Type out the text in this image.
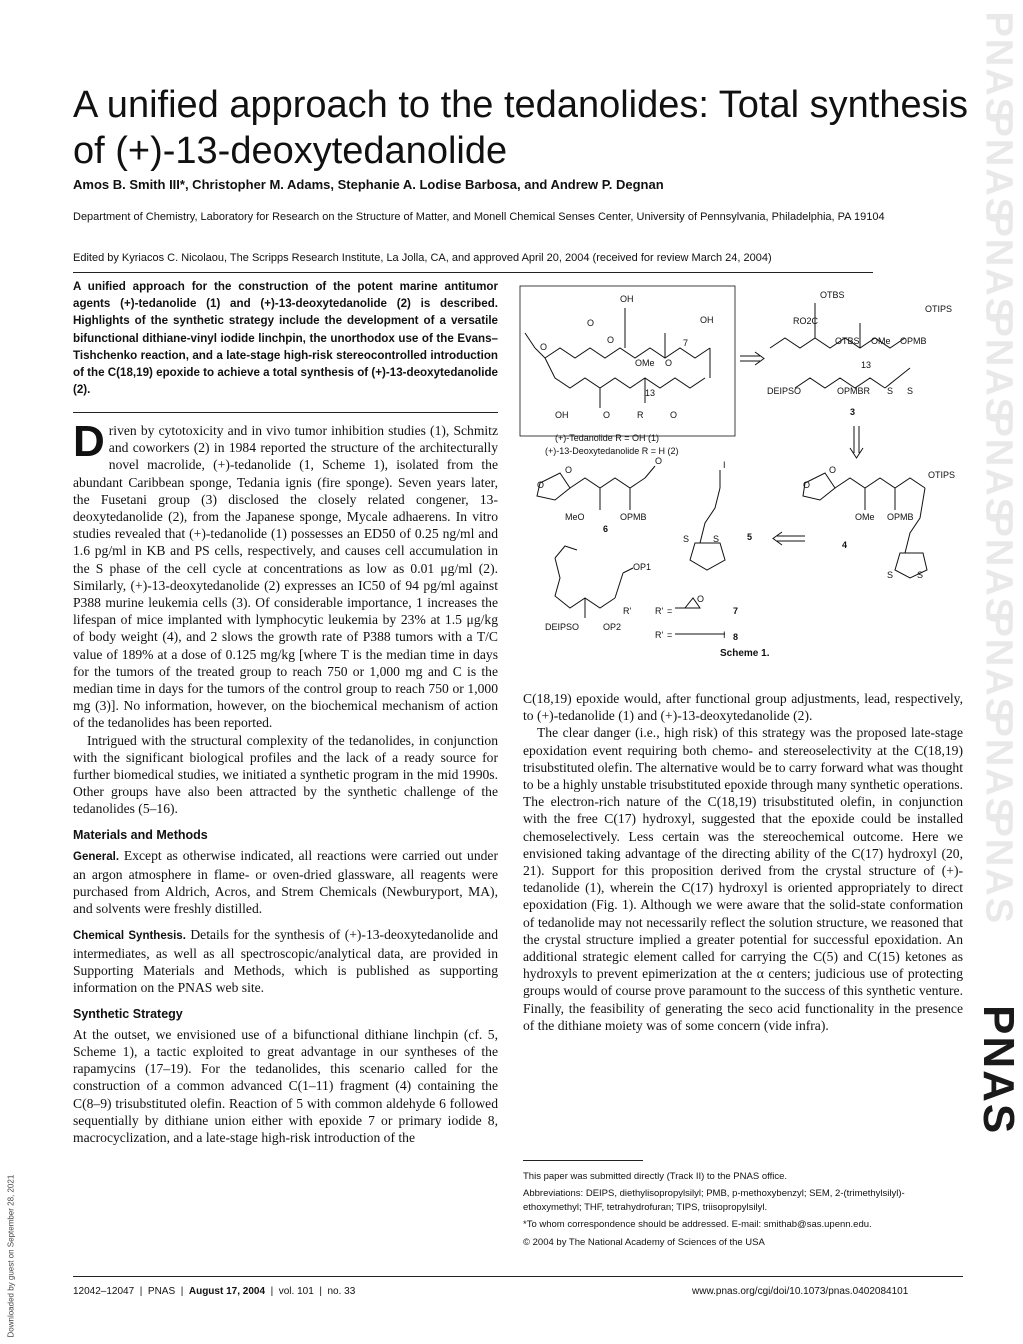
PNAS
PNAS
PNAS
PNAS
PNAS
PNAS
PNAS
PNAS
PNAS
PNAS
Downloaded by guest on September 28, 2021
A unified approach to the tedanolides: Total synthesis
of (+)-13-deoxytedanolide
Amos B. Smith III*, Christopher M. Adams, Stephanie A. Lodise Barbosa, and Andrew P. Degnan
Department of Chemistry, Laboratory for Research on the Structure of Matter, and Monell Chemical Senses Center, University of Pennsylvania, Philadelphia, PA 19104
Edited by Kyriacos C. Nicolaou, The Scripps Research Institute, La Jolla, CA, and approved April 20, 2004 (received for review March 24, 2004)
A unified approach for the construction of the potent marine antitumor agents (+)-tedanolide (1) and (+)-13-deoxytedanolide (2) is described. Highlights of the synthetic strategy include the development of a versatile bifunctional dithiane-vinyl iodide linchpin, the unorthodox use of the Evans–Tishchenko reaction, and a late-stage high-risk stereocontrolled introduction of the C(18,19) epoxide to achieve a total synthesis of (+)-13-deoxytedanolide (2).
OH
O	OH
O
OMe O
O
13
7
OH	O	R	O
(+)-Tedanolide R = OH (1)
(+)-13-Deoxytedanolide R = H (2)
OTBS
OTIPS
RO2C
OTBS OMe OPMB
13
DEIPSO	OPMBR S S
3
O
O
O
MeO	OPMB
6
I
S	S	5
O
O	OTIPS
OMe OPMB
4
S	S
OP1
R'
DEIPSO	OP2
R' =
O
7
R' =	I 8
Scheme 1.

Driven by cytotoxicity and in vivo tumor inhibition studies (1), Schmitz and coworkers (2) in 1984 reported the structure of the architecturally novel macrolide, (+)-tedanolide (1, Scheme 1), isolated from the abundant Caribbean sponge, Tedania ignis (fire sponge). Seven years later, the Fusetani group (3) disclosed the closely related congener, 13-deoxytedanolide (2), from the Japanese sponge, Mycale adhaerens. In vitro studies revealed that (+)-tedanolide (1) possesses an ED50 of 0.25 ng/ml and 1.6 pg/ml in KB and PS cells, respectively, and causes cell accumulation in the S phase of the cell cycle at concentrations as low as 0.01 μg/ml (2). Similarly, (+)-13-deoxytedanolide (2) expresses an IC50 of 94 pg/ml against P388 murine leukemia cells (3). Of considerable importance, 1 increases the lifespan of mice implanted with lymphocytic leukemia by 23% at 1.5 μg/kg of body weight (4), and 2 slows the growth rate of P388 tumors with a T/C value of 189% at a dose of 0.125 mg/kg [where T is the median time in days for the tumors of the treated group to reach 750 or 1,000 mg and C is the median time in days for the tumors of the control group to reach 750 or 1,000 mg (3)]. No information, however, on the biochemical mechanism of action of the tedanolides has been reported.

Intrigued with the structural complexity of the tedanolides, in conjunction with the significant biological profiles and the lack of a ready source for further biomedical studies, we initiated a synthetic program in the mid 1990s. Other groups have also been attracted by the synthetic challenge of the tedanolides (5–16).

Materials and Methods

General. Except as otherwise indicated, all reactions were carried out under an argon atmosphere in flame- or oven-dried glassware, all reagents were purchased from Aldrich, Acros, and Strem Chemicals (Newburyport, MA), and solvents were freshly distilled.

Chemical Synthesis. Details for the synthesis of (+)-13-deoxytedanolide and intermediates, as well as all spectroscopic/analytical data, are provided in Supporting Materials and Methods, which is published as supporting information on the PNAS web site.

Synthetic Strategy

At the outset, we envisioned use of a bifunctional dithiane linchpin (cf. 5, Scheme 1), a tactic exploited to great advantage in our syntheses of the rapamycins (17–19). For the tedanolides, this scenario called for the construction of a common advanced C(1–11) fragment (4) containing the C(8–9) trisubstituted olefin. Reaction of 5 with common aldehyde 6 followed sequentially by dithiane union either with epoxide 7 or primary iodide 8, macrocyclization, and a late-stage high-risk introduction of the

C(18,19) epoxide would, after functional group adjustments, lead, respectively, to (+)-tedanolide (1) and (+)-13-deoxytedanolide (2).

The clear danger (i.e., high risk) of this strategy was the proposed late-stage epoxidation event requiring both chemo- and stereoselectivity at the C(18,19) trisubstituted olefin. The alternative would be to carry forward what was thought to be a highly unstable trisubstituted epoxide through many synthetic operations. The electron-rich nature of the C(18,19) trisubstituted olefin, in conjunction with the free C(17) hydroxyl, suggested that the epoxide could be installed chemoselectively. Less certain was the stereochemical outcome. Here we envisioned taking advantage of the directing ability of the C(17) hydroxyl (20, 21). Support for this proposition derived from the crystal structure of (+)-tedanolide (1), wherein the C(17) hydroxyl is oriented appropriately to direct epoxidation (Fig. 1). Although we were aware that the solid-state conformation of tedanolide may not necessarily reflect the solution structure, we reasoned that the crystal structure implied a greater potential for successful epoxidation. An additional strategic element called for carrying the C(5) and C(15) ketones as hydroxyls to prevent epimerization at the α centers; judicious use of protecting groups would of course prove paramount to the success of this synthetic venture. Finally, the feasibility of generating the seco acid functionality in the presence of the dithiane moiety was of some concern (vide infra).

This paper was submitted directly (Track II) to the PNAS office.
Abbreviations: DEIPS, diethylisopropylsilyl; PMB, p-methoxybenzyl; SEM, 2-(trimethylsilyl)-ethoxymethyl; THF, tetrahydrofuran; TIPS, triisopropylsilyl.
*To whom correspondence should be addressed. E-mail: smithab@sas.upenn.edu.
© 2004 by The National Academy of Sciences of the USA
12042–12047  |  PNAS  |  August 17, 2004  |  vol. 101  |  no. 33	www.pnas.org/cgi/doi/10.1073/pnas.0402084101
